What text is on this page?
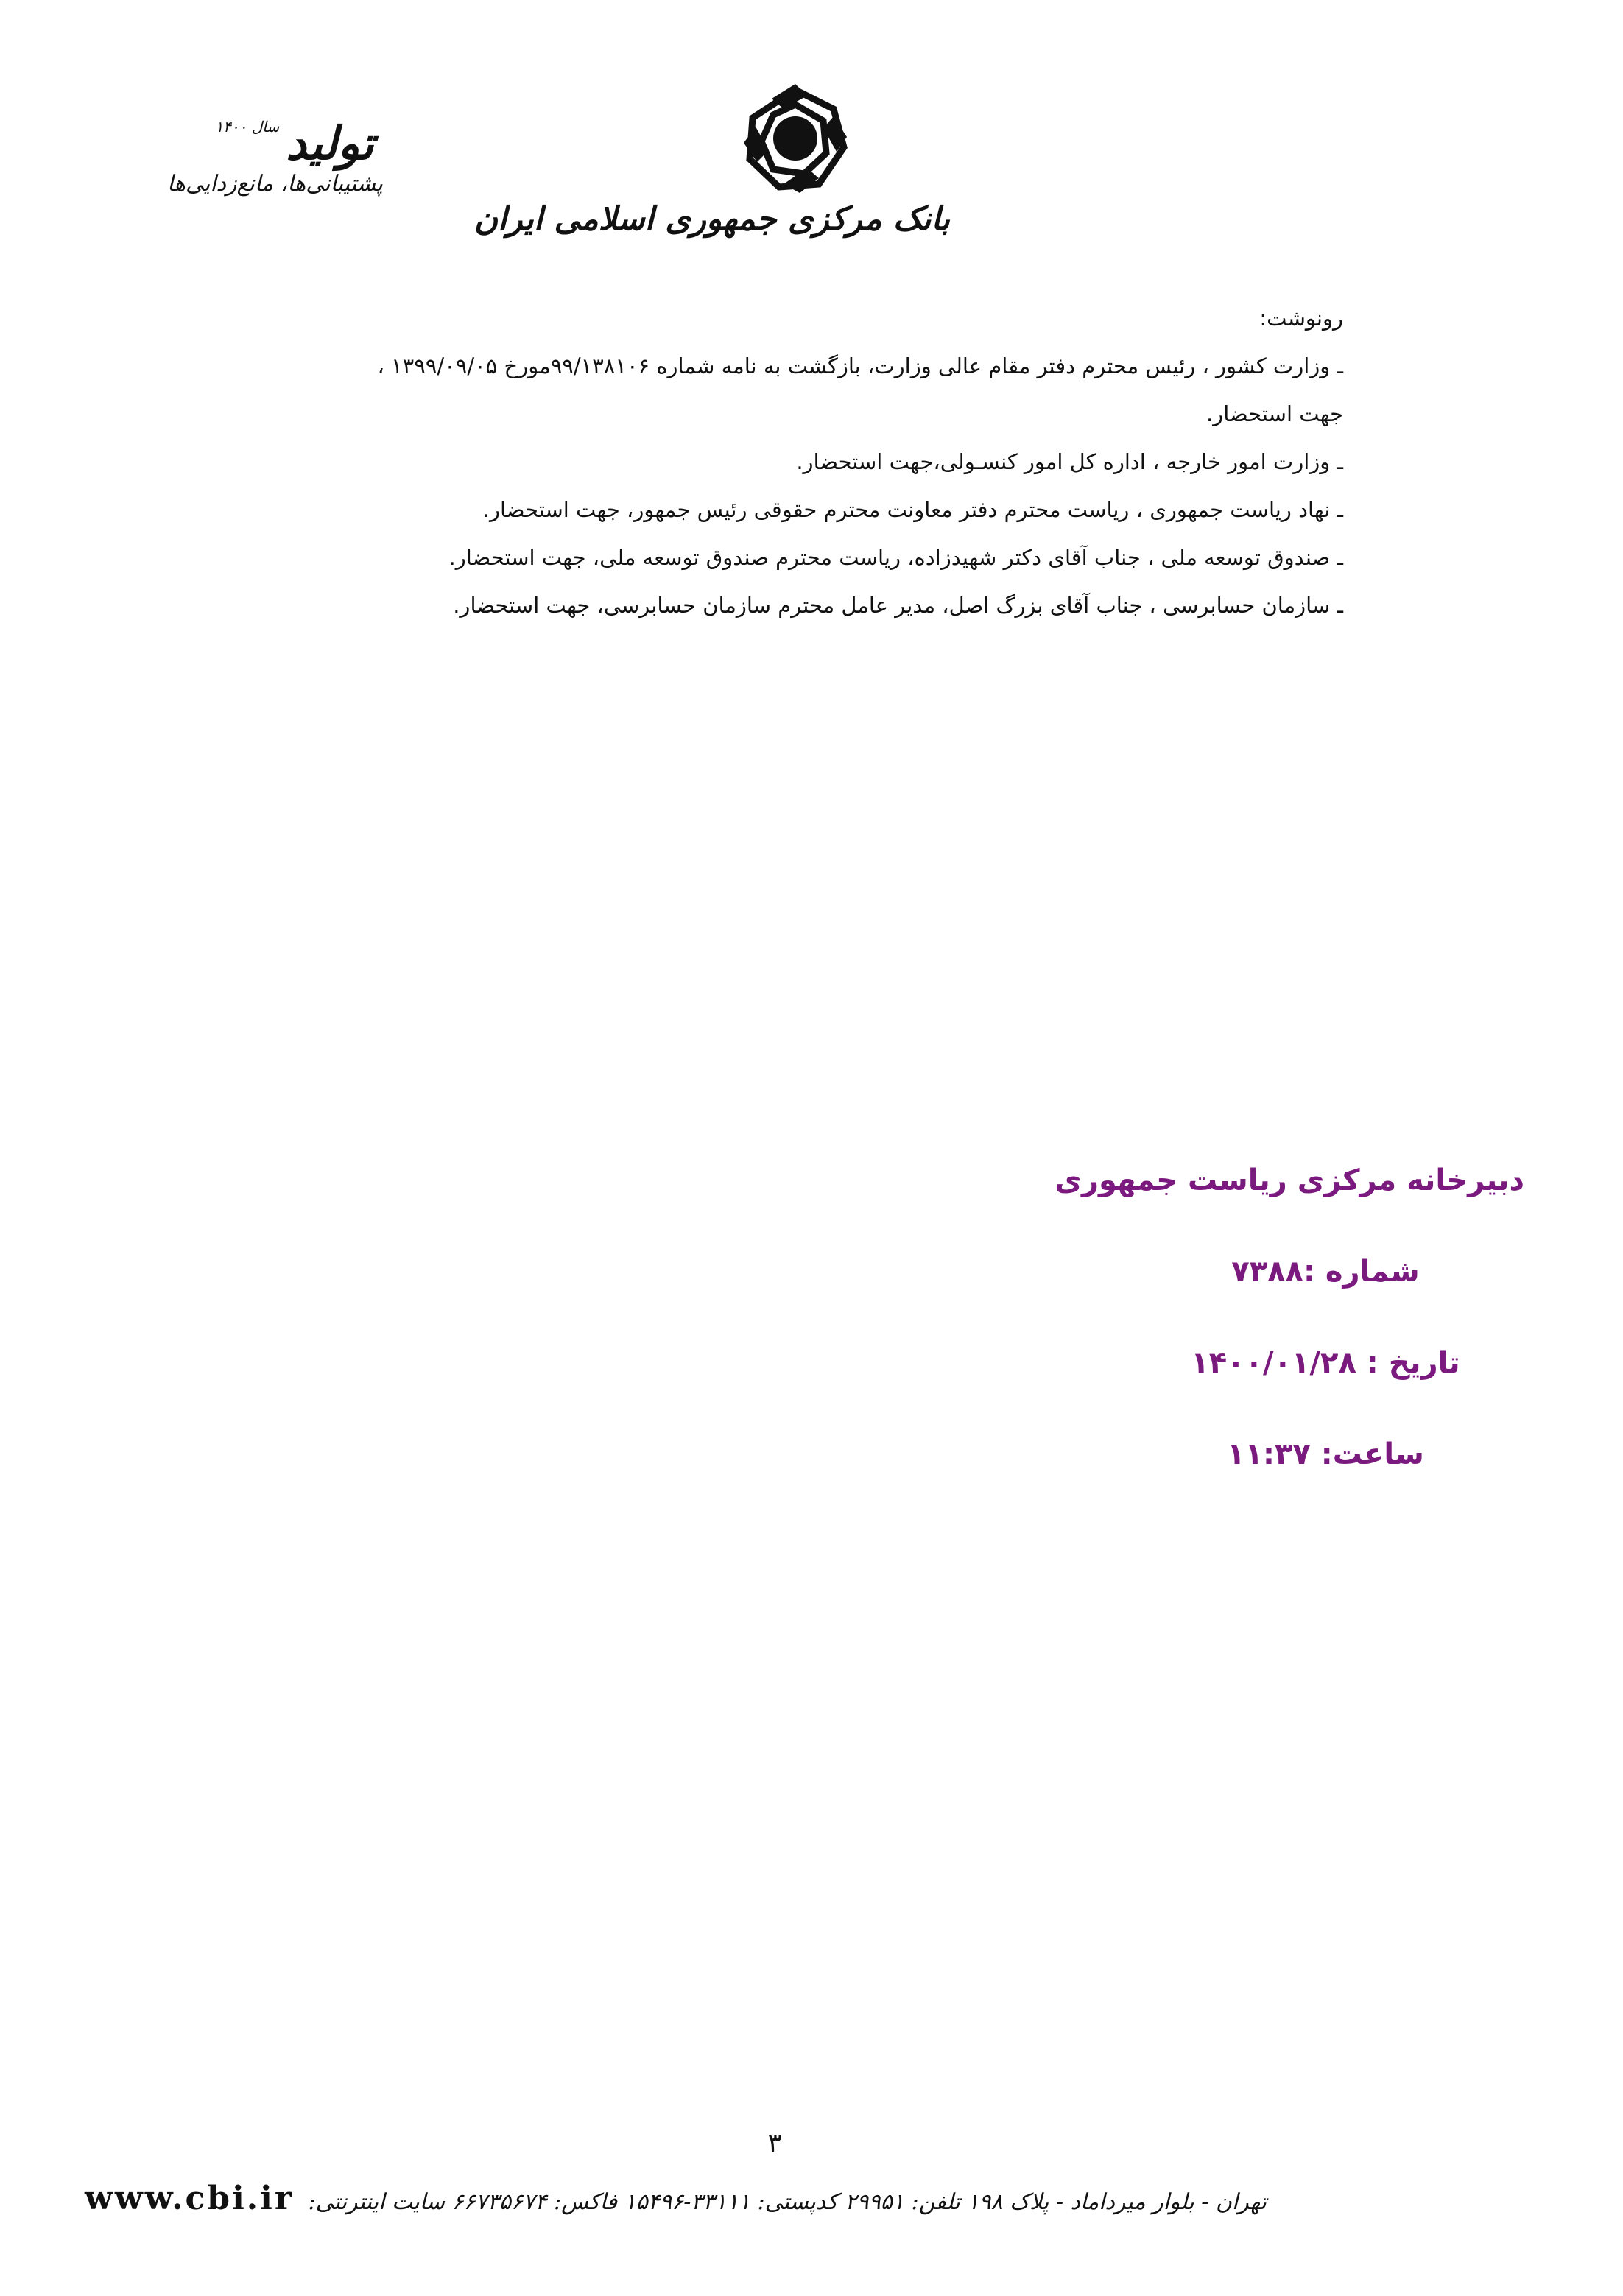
بانک مرکزی جمهوری اسلامی ایران
تولید سال ۱۴۰۰
پشتیبانی‌ها، مانع‌زدایی‌ها
رونوشت:
ـ وزارت کشور ، رئیس محترم دفتر مقام عالی وزارت، بازگشت به نامه شماره ۹۹/۱۳۸۱۰۶مورخ ۱۳۹۹/۰۹/۰۵ ،
جهت استحضار.
ـ وزارت امور خارجه ، اداره کل امور کنسـولی،جهت استحضار.
ـ نهاد ریاست جمهوری ، ریاست محترم دفتر معاونت محترم حقوقی رئیس جمهور، جهت استحضار.
ـ صندوق توسعه ملی ، جناب آقای دکتر شهیدزاده، ریاست محترم صندوق توسعه ملی، جهت استحضار.
ـ سازمان حسابرسی ، جناب آقای بزرگ اصل، مدیر عامل محترم سازمان حسابرسی، جهت استحضار.
دبیرخانه مرکزی ریاست جمهوری
شماره :۷۳۸۸
تاریخ : ۱۴۰۰/۰۱/۲۸
ساعت: ۱۱:۳۷
۳
تهران - بلوار میرداماد - پلاک ۱۹۸ تلفن: ۲۹۹۵۱ کدپستی: ۳۳۱۱۱-۱۵۴۹۶ فاکس: ۶۶۷۳۵۶۷۴ سایت اینترنتی: www.cbi.ir
